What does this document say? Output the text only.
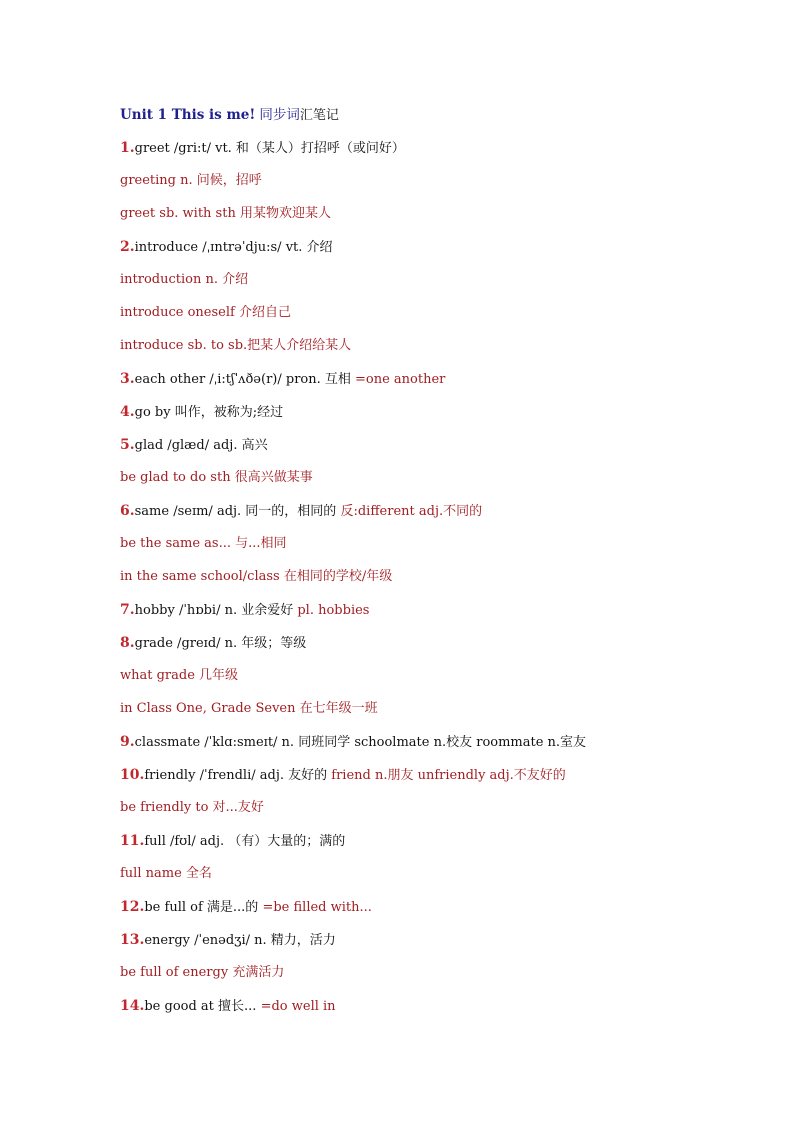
Unit 1 This is me! 同步词汇笔记
1.greet /gri:t/ vt. 和（某人）打招呼（或问好）
greeting n. 问候，招呼
greet sb. with sth 用某物欢迎某人
2.introduce /ˌɪntrəˈdju:s/ vt. 介绍
introduction n. 介绍
introduce oneself 介绍自己
introduce sb. to sb.把某人介绍给某人
3.each other /ˌi:tʃˈʌðə(r)/ pron. 互相 =one another
4.go by 叫作，被称为;经过
5.glad /glæd/ adj. 高兴
be glad to do sth 很高兴做某事
6.same /seɪm/ adj. 同一的，相同的 反:different adj.不同的
be the same as... 与...相同
in the same school/class 在相同的学校/年级
7.hobby /ˈhɒbi/ n. 业余爱好 pl. hobbies
8.grade /greɪd/ n. 年级；等级
what grade 几年级
in Class One, Grade Seven 在七年级一班
9.classmate /ˈklɑ:smeɪt/ n. 同班同学 schoolmate n.校友 roommate n.室友
10.friendly /ˈfrendli/ adj. 友好的 friend n.朋友 unfriendly adj.不友好的
be friendly to 对...友好
11.full /fʊl/ adj. （有）大量的；满的
full name 全名
12.be full of 满是...的 =be filled with...
13.energy /ˈenədʒi/ n. 精力，活力
be full of energy 充满活力
14.be good at 擅长... =do well in
